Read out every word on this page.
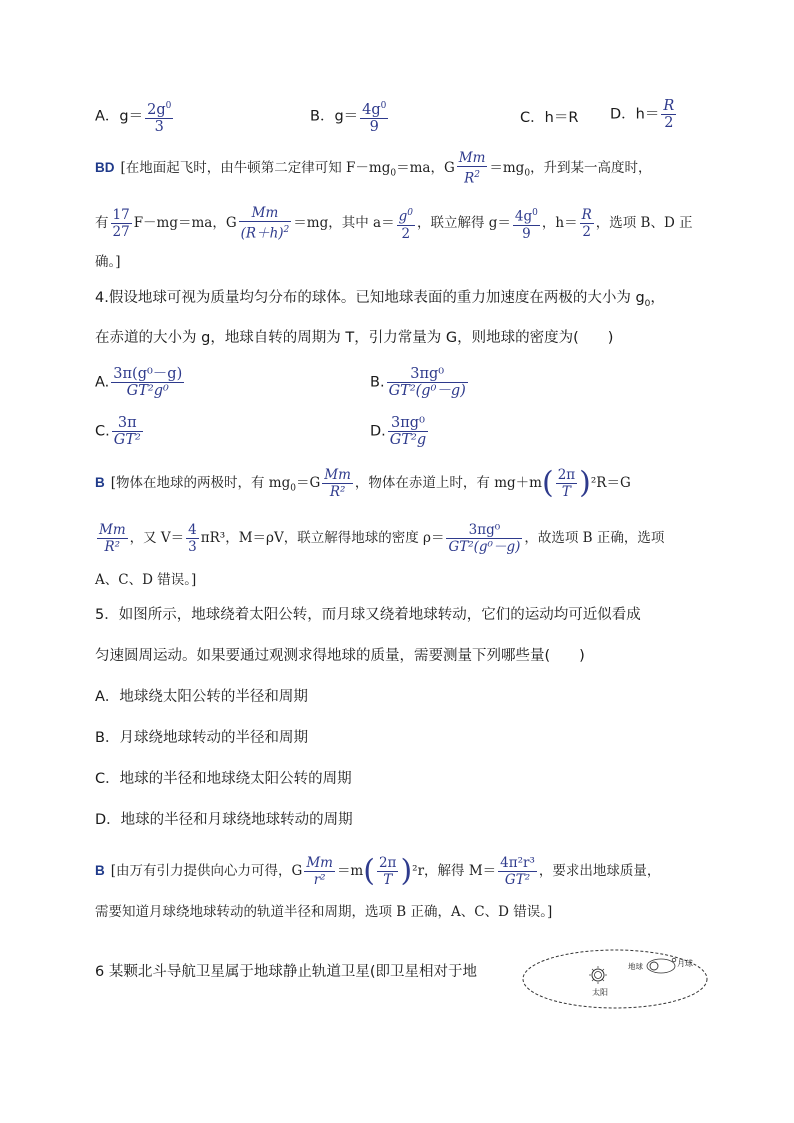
A．$g= \frac{2g^0}{3}$	B．$g= \frac{4g^0}{9}$	C．h＝R D．$h= \frac{R}{2}$
BD [在地面起飞时，由牛顿第二定律可知 $F-mg_0=ma$，G $\frac{Mm}{R^2} =mg_0$，升到某一高度时，
有 $\frac{17}{27} F-mg=ma$，G $\frac{Mm}{(R+h)^2} =mg$，其中 $a= \frac{g^0}{2}$ ，联立解得 $g= \frac{4g^0}{9}$ ，$h= \frac{R}{2}$ ，选项 B、D 正
确。]
4.假设地球可视为质量均匀分布的球体。已知地球表面的重力加速度在两极的大小为 $g_0$，
在赤道的大小为 g，地球自转的周期为 T，引力常量为 G，则地球的密度为(　　)
A. $\frac{\text{3π(g⁰－g)}}{\text{GT²g⁰}}$	B. $\frac{\text{3πg⁰}}{\text{GT²(g⁰－g)}}$
C. $\frac{3\pi}{\text{GT²}}$	D. $\frac{\text{3πg⁰}}{\text{GT²g}}$
B [物体在地球的两极时，有 $mg_0=G \frac{Mm}{\text{R²}}$ ，物体在赤道上时，有 $mg+m( \frac{2\pi}{T} )^2R=G$
$\frac{Mm}{\text{R²}}$ ，又 $V= \frac{4}{3} \pi R^3$，M＝ρV，联立解得地球的密度 $\rho= \frac{\text{3πg⁰}}{\text{GT²(g⁰－g)}}$ ，故选项 B 正确，选项
A、C、D 错误。]
5．如图所示，地球绕着太阳公转，而月球又绕着地球转动，它们的运动均可近似看成
匀速圆周运动。如果要通过观测求得地球的质量，需要测量下列哪些量(　　)
A．地球绕太阳公转的半径和周期
B．月球绕地球转动的半径和周期
C．地球的半径和地球绕太阳公转的周期
D．地球的半径和月球绕地球转动的周期
B [由万有引力提供向心力可得，G $\frac{Mm}{\text{r²}} =m( \frac{2\pi}{T} )^2r$，解得 $M= \frac{\text{4π²r³}}{\text{GT²}}$ ，要求出地球质量，
需要知道月球绕地球转动的轨道半径和周期，选项 B 正确，A、C、D 错误。]
6 某颗北斗导航卫星属于地球静止轨道卫星(即卫星相对于地
太阳
地球	月球
